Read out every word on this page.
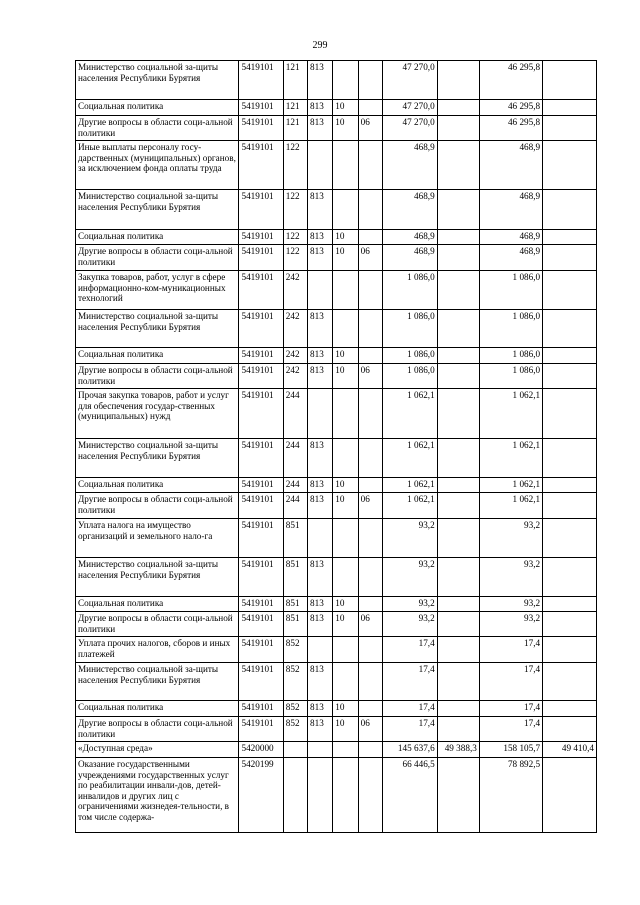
299
Министерство социальной за-щиты населения Республики Бурятия	5419101	121	813			47 270,0		46 295,8	
Социальная политика	5419101	121	813	10		47 270,0		46 295,8	
Другие вопросы в области соци-альной политики	5419101	121	813	10	06	47 270,0		46 295,8	
Иные выплаты персоналу госу-дарственных (муниципальных) органов, за исключением фонда оплаты труда	5419101	122				468,9		468,9	
Министерство социальной за-щиты населения Республики Бурятия	5419101	122	813			468,9		468,9	
Социальная политика	5419101	122	813	10		468,9		468,9	
Другие вопросы в области соци-альной политики	5419101	122	813	10	06	468,9		468,9	
Закупка товаров, работ, услуг в сфере информационно-ком-муникационных технологий	5419101	242				1 086,0		1 086,0	
Министерство социальной за-щиты населения Республики Бурятия	5419101	242	813			1 086,0		1 086,0	
Социальная политика	5419101	242	813	10		1 086,0		1 086,0	
Другие вопросы в области соци-альной политики	5419101	242	813	10	06	1 086,0		1 086,0	
Прочая закупка товаров, работ и услуг для обеспечения государ-ственных (муниципальных) нужд	5419101	244				1 062,1		1 062,1	
Министерство социальной за-щиты населения Республики Бурятия	5419101	244	813			1 062,1		1 062,1	
Социальная политика	5419101	244	813	10		1 062,1		1 062,1	
Другие вопросы в области соци-альной политики	5419101	244	813	10	06	1 062,1		1 062,1	
Уплата налога на имущество организаций и земельного нало-га	5419101	851				93,2		93,2	
Министерство социальной за-щиты населения Республики Бурятия	5419101	851	813			93,2		93,2	
Социальная политика	5419101	851	813	10		93,2		93,2	
Другие вопросы в области соци-альной политики	5419101	851	813	10	06	93,2		93,2	
Уплата прочих налогов, сборов и иных платежей	5419101	852				17,4		17,4	
Министерство социальной за-щиты населения Республики Бурятия	5419101	852	813			17,4		17,4	
Социальная политика	5419101	852	813	10		17,4		17,4	
Другие вопросы в области соци-альной политики	5419101	852	813	10	06	17,4		17,4	
«Доступная среда»	5420000					145 637,6	49 388,3	158 105,7	49 410,4
Оказание государственными учреждениями государственных услуг по реабилитации инвали-дов, детей-инвалидов и других лиц с ограничениями жизнедея-тельности, в том числе содержа-	5420199					66 446,5		78 892,5	
